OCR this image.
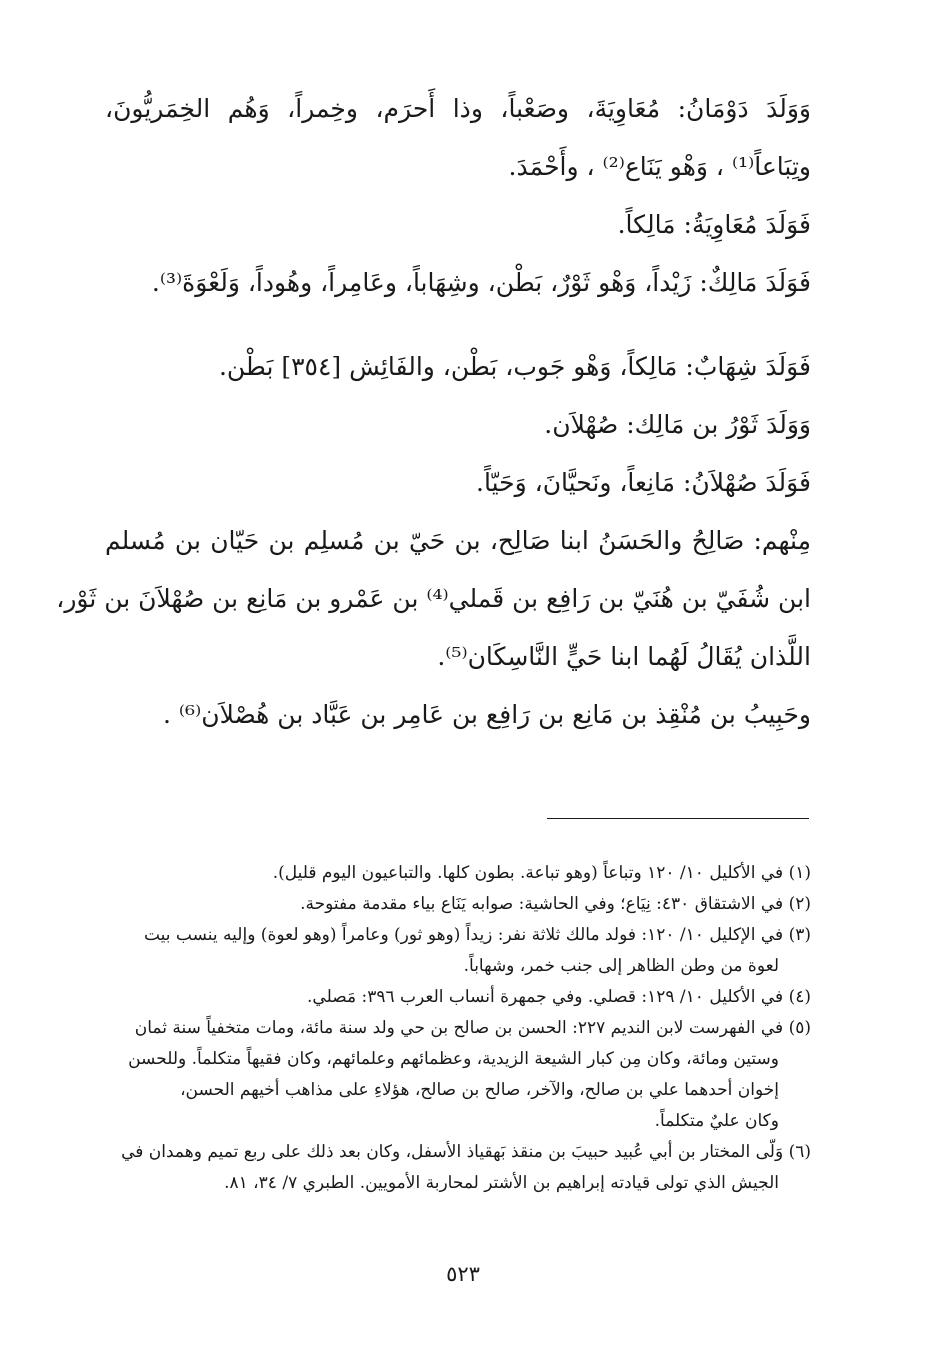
وَوَلَدَ دَوْمَانُ: مُعَاوِيَةَ، وصَعْباً، وذا أَحرَم، وخِمراً، وَهُم الخِمَريُّونَ،
وتِبَاعاً⁽¹⁾ ، وَهْو يَنَاع⁽²⁾ ، وأَحْمَدَ.

فَوَلَدَ مُعَاوِيَةُ: مَالِكاً.

فَوَلَدَ مَالِكٌ: زَيْداً، وَهْو ثَوْرٌ، بَطْن، وشِهَاباً، وعَامِراً، وهُوداً، وَلَعْوَةَ⁽³⁾.

فَوَلَدَ شِهَابٌ: مَالِكاً، وَهْو جَوب، بَطْن، والفَائِش [٣٥٤] بَطْن.

وَوَلَدَ ثَوْرُ بن مَالِك: صُهْلاَن.

فَوَلَدَ صُهْلاَنُ: مَانِعاً، ونَحيَّانَ، وَحَيّاً.

مِنْهم: صَالِحُ والحَسَنُ ابنا صَالِح، بن حَيّ بن مُسلِم بن حَيّان بن مُسلم
ابن شُفَيّ بن هُنَيّ بن رَافِع بن قَملي⁽⁴⁾ بن عَمْرو بن مَانِع بن صُهْلاَنَ بن ثَوْر،
اللَّذان يُقَالُ لَهُما ابنا حَيٍّ النَّاسِكَان⁽⁵⁾.

وحَبِيبُ بن مُنْقِذ بن مَانِع بن رَافِع بن عَامِر بن عَبَّاد بن هُصْلاَن⁽⁶⁾ .

(١) في الأكليل ١٠/ ١٢٠ وتباعاً (وهو تباعة. بطون كلها. والتباعيون اليوم قليل).
(٢) في الاشتقاق ٤٣٠: نِيَاع؛ وفي الحاشية: صوابه يَنَاع بياء مقدمة مفتوحة.
(٣) في الإكليل ١٠/ ١٢٠: فولد مالك ثلاثة نفر: زيداً (وهو ثور) وعامراً (وهو لعوة) وإليه ينسب بيت
لعوة من وطن الظاهر إلى جنب خمر، وشهاباً.
(٤) في الأكليل ١٠/ ١٢٩: قصلي. وفي جمهرة أنساب العرب ٣٩٦: مَصلي.
(٥) في الفهرست لابن النديم ٢٢٧: الحسن بن صالح بن حي ولد سنة مائة، ومات متخفياً سنة ثمان
وستين ومائة، وكان مِن كبار الشيعة الزيدية، وعظمائهم وعلمائهم، وكان فقيهاً متكلماً. وللحسن
إخوان أحدهما علي بن صالح، والآخر، صالح بن صالح، هؤلاءِ على مذاهب أخيهم الحسن،
وكان عليٌ متكلماً.
(٦) وَلّى المختار بن أبي عُبيد حبيبَ بن منقذ بَهقياذ الأسفل، وكان بعد ذلك على ربع تميم وهمدان في
الجيش الذي تولى قيادته إبراهيم بن الأشتر لمحاربة الأمويين. الطبري ٧/ ٣٤، ٨١.
٥٢٣
